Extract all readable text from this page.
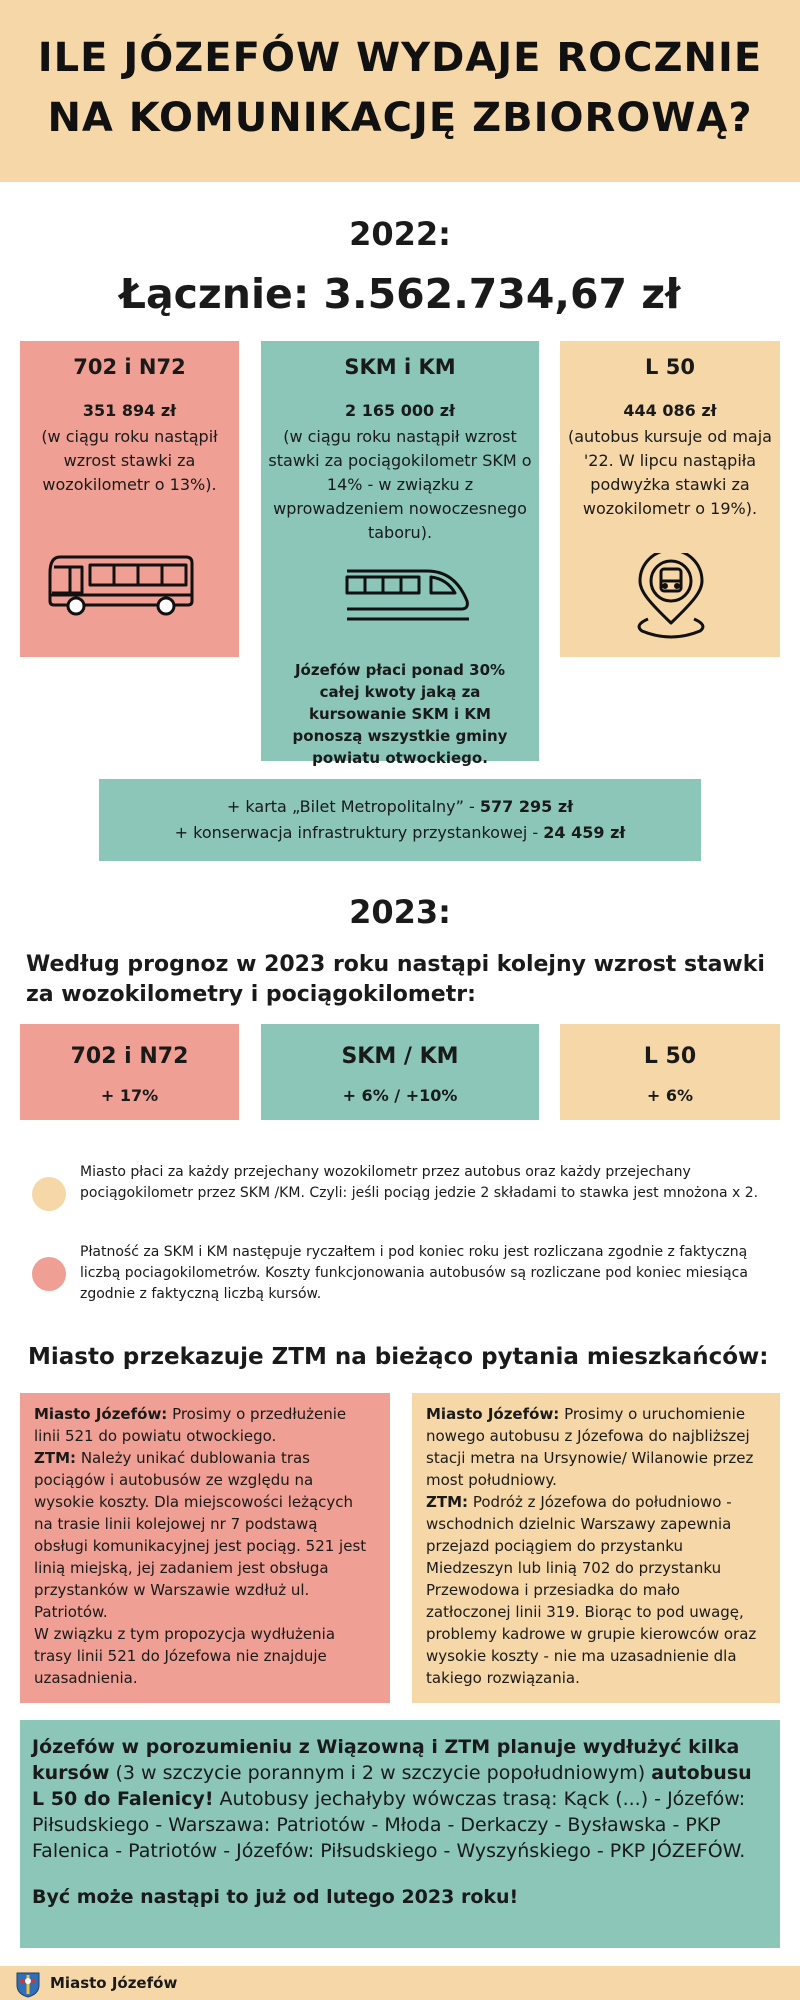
ILE JÓZEFÓW WYDAJE ROCZNIE
NA KOMUNIKACJĘ ZBIOROWĄ?
2022:
Łącznie: 3.562.734,67 zł
702 i N72
351 894 zł
(w ciągu roku nastąpił wzrost stawki za wozokilometr o 13%).
SKM i KM
2 165 000 zł
(w ciągu roku nastąpił wzrost stawki za pociągokilometr SKM o 14% - w związku z wprowadzeniem nowoczesnego taboru).
Józefów płaci ponad 30% całej kwoty jaką za kursowanie SKM i KM ponoszą wszystkie gminy powiatu otwockiego.
L 50
444 086 zł
(autobus kursuje od maja '22. W lipcu nastąpiła podwyżka stawki za wozokilometr o 19%).
+ karta „Bilet Metropolitalny” - 577 295 zł
+ konserwacja infrastruktury przystankowej - 24 459 zł
2023:
Według prognoz w 2023 roku nastąpi kolejny wzrost stawki za wozokilometry i pociągokilometr:
702 i N72
+ 17%
SKM / KM
+ 6% / +10%
L 50
+ 6%
Miasto płaci za każdy przejechany wozokilometr przez autobus oraz każdy przejechany pociągokilometr przez SKM /KM. Czyli: jeśli pociąg jedzie 2 składami to stawka jest mnożona x 2.
Płatność za SKM i KM następuje ryczałtem i pod koniec roku jest rozliczana zgodnie z faktyczną liczbą pociagokilometrów. Koszty funkcjonowania autobusów są rozliczane pod koniec miesiąca zgodnie z faktyczną liczbą kursów.
Miasto przekazuje ZTM na bieżąco pytania mieszkańców:

Miasto Józefów: Prosimy o przedłużenie linii 521 do powiatu otwockiego.

ZTM: Należy unikać dublowania tras pociągów i autobusów ze względu na wysokie koszty. Dla miejscowości leżących na trasie linii kolejowej nr 7 podstawą obsługi komunikacyjnej jest pociąg. 521 jest linią miejską, jej zadaniem jest obsługa przystanków w Warszawie wzdłuż ul. Patriotów.

W związku z tym propozycja wydłużenia trasy linii 521 do Józefowa nie znajduje uzasadnienia.

Miasto Józefów: Prosimy o uruchomienie nowego autobusu z Józefowa do najbliższej stacji metra na Ursynowie/ Wilanowie przez most południowy.

ZTM: Podróż z Józefowa do południowo - wschodnich dzielnic Warszawy zapewnia przejazd pociągiem do przystanku Miedzeszyn lub linią 702 do przystanku Przewodowa i przesiadka do mało zatłoczonej linii 319. Biorąc to pod uwagę, problemy kadrowe w grupie kierowców oraz wysokie koszty - nie ma uzasadnienie dla takiego rozwiązania.

Józefów w porozumieniu z Wiązowną i ZTM planuje wydłużyć kilka kursów (3 w szczycie porannym i 2 w szczycie popołudniowym) autobusu L 50 do Falenicy! Autobusy jechałyby wówczas trasą: Kąck (...) - Józefów: Piłsudskiego - Warszawa: Patriotów - Młoda - Derkaczy - Bysławska - PKP Falenica - Patriotów - Józefów: Piłsudskiego - Wyszyńskiego - PKP JÓZEFÓW.

Być może nastąpi to już od lutego 2023 roku!

Miasto Józefów
